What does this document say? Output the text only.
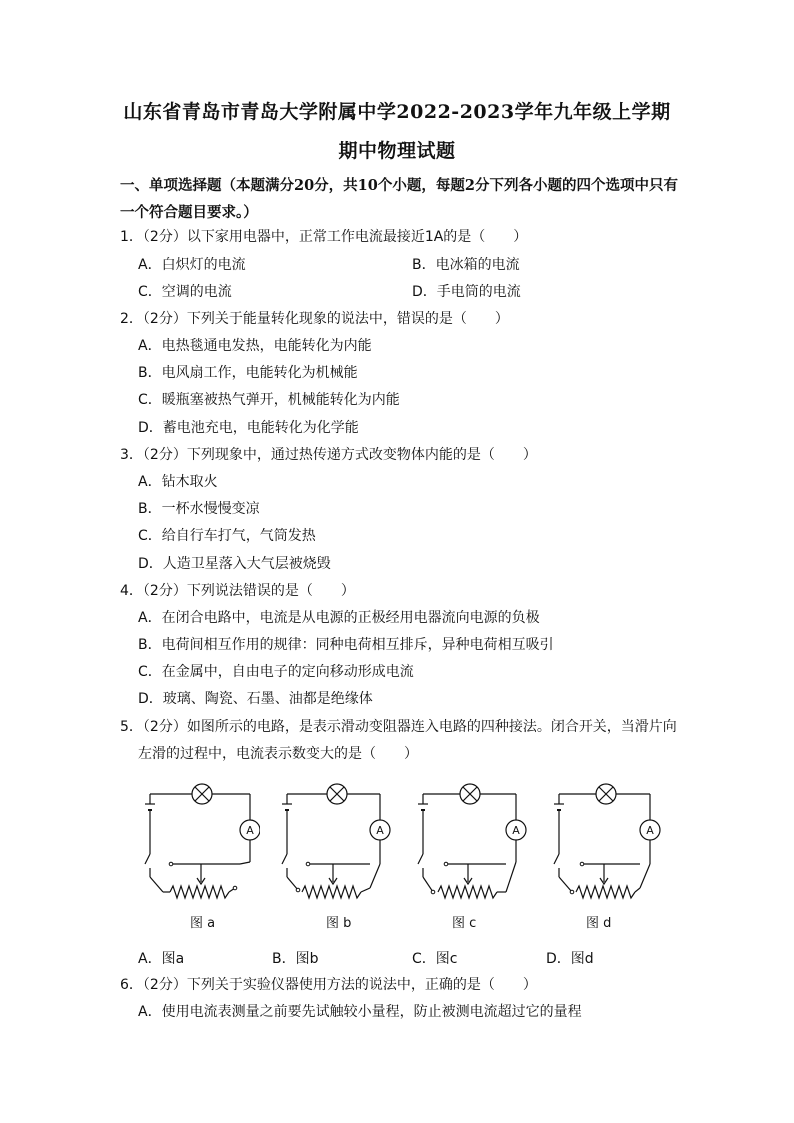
山东省青岛市青岛大学附属中学2022-2023学年九年级上学期
期中物理试题
一、单项选择题（本题满分20分，共10个小题，每题2分下列各小题的四个选项中只有一个符合题目要求。）
1．（2分）以下家用电器中，正常工作电流最接近1A的是（　　）
A．白炽灯的电流	B．电冰箱的电流
C．空调的电流	D．手电筒的电流
2．（2分）下列关于能量转化现象的说法中，错误的是（　　）
A．电热毯通电发热，电能转化为内能
B．电风扇工作，电能转化为机械能
C．暖瓶塞被热气弹开，机械能转化为内能
D．蓄电池充电，电能转化为化学能
3．（2分）下列现象中，通过热传递方式改变物体内能的是（　　）
A．钻木取火
B．一杯水慢慢变凉
C．给自行车打气，气筒发热
D．人造卫星落入大气层被烧毁
4．（2分）下列说法错误的是（　　）
A．在闭合电路中，电流是从电源的正极经用电器流向电源的负极
B．电荷间相互作用的规律：同种电荷相互排斥，异种电荷相互吸引
C．在金属中，自由电子的定向移动形成电流
D．玻璃、陶瓷、石墨、油都是绝缘体
5．（2分）如图所示的电路，是表示滑动变阻器连入电路的四种接法。闭合开关，当滑片向
左滑的过程中，电流表示数变大的是（　　）
A	A	A	A
图 a	图 b	图 c	图 d
A．图a	B．图b	C．图c	D．图d
6．（2分）下列关于实验仪器使用方法的说法中，正确的是（　　）
A．使用电流表测量之前要先试触较小量程，防止被测电流超过它的量程
